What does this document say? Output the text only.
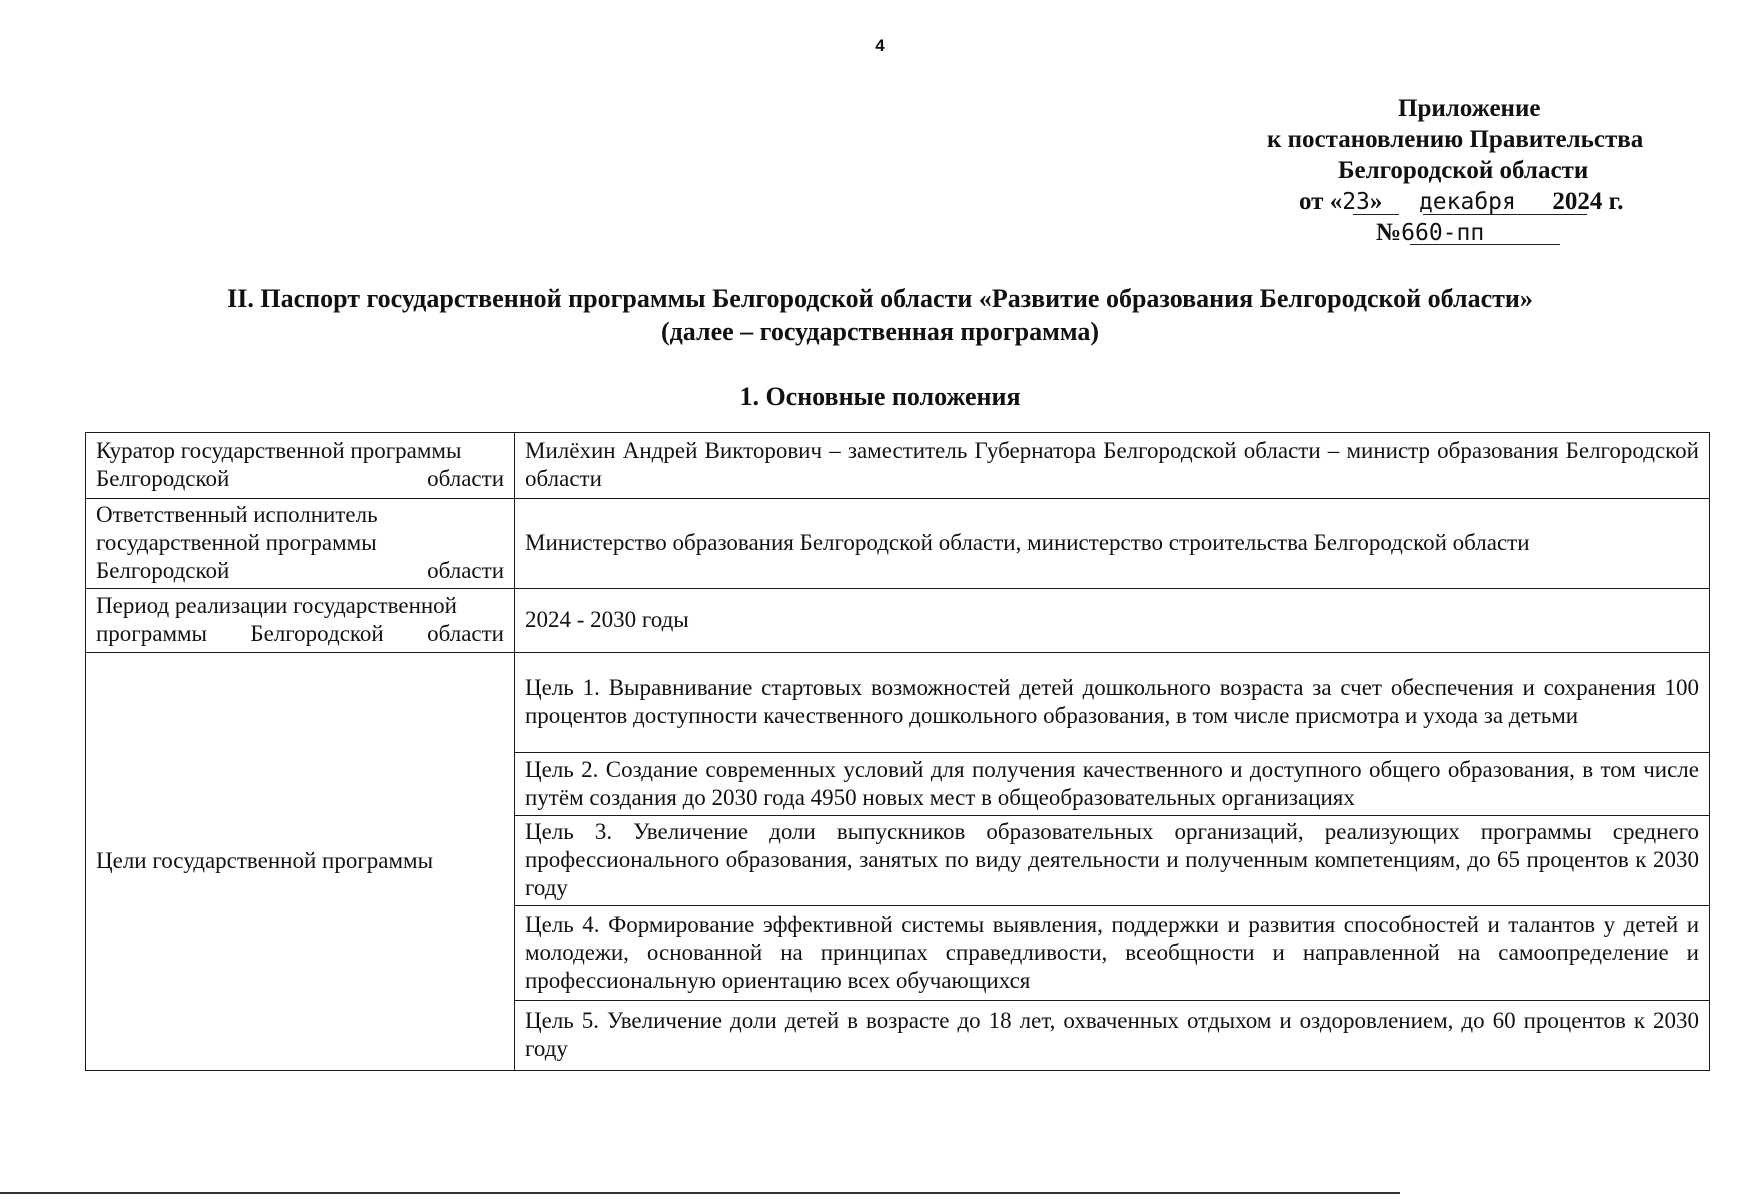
4
Приложение
к постановлению Правительства
Белгородской области
от «23» декабря 2024 г.
№660-пп
II. Паспорт государственной программы Белгородской области «Развитие образования Белгородской области»
(далее – государственная программа)
1. Основные положения
Куратор государственной программы Белгородской области	Милёхин Андрей Викторович – заместитель Губернатора Белгородской области – министр образования Белгородской области
Ответственный исполнитель государственной программы Белгородской области	Министерство образования Белгородской области, министерство строительства Белгородской области
Период реализации государственной программы Белгородской области	2024 - 2030 годы
Цели государственной программы	Цель 1. Выравнивание стартовых возможностей детей дошкольного возраста за счет обеспечения и сохранения 100 процентов доступности качественного дошкольного образования, в том числе присмотра и ухода за детьми
	Цель 2. Создание современных условий для получения качественного и доступного общего образования, в том числе путём создания до 2030 года 4950 новых мест в общеобразовательных организациях
	Цель 3. Увеличение доли выпускников образовательных организаций, реализующих программы среднего профессионального образования, занятых по виду деятельности и полученным компетенциям, до 65 процентов к 2030 году
	Цель 4. Формирование эффективной системы выявления, поддержки и развития способностей и талантов у детей и молодежи, основанной на принципах справедливости, всеобщности и направленной на самоопределение и профессиональную ориентацию всех обучающихся
	Цель 5. Увеличение доли детей в возрасте до 18 лет, охваченных отдыхом и оздоровлением, до 60 процентов к 2030 году
